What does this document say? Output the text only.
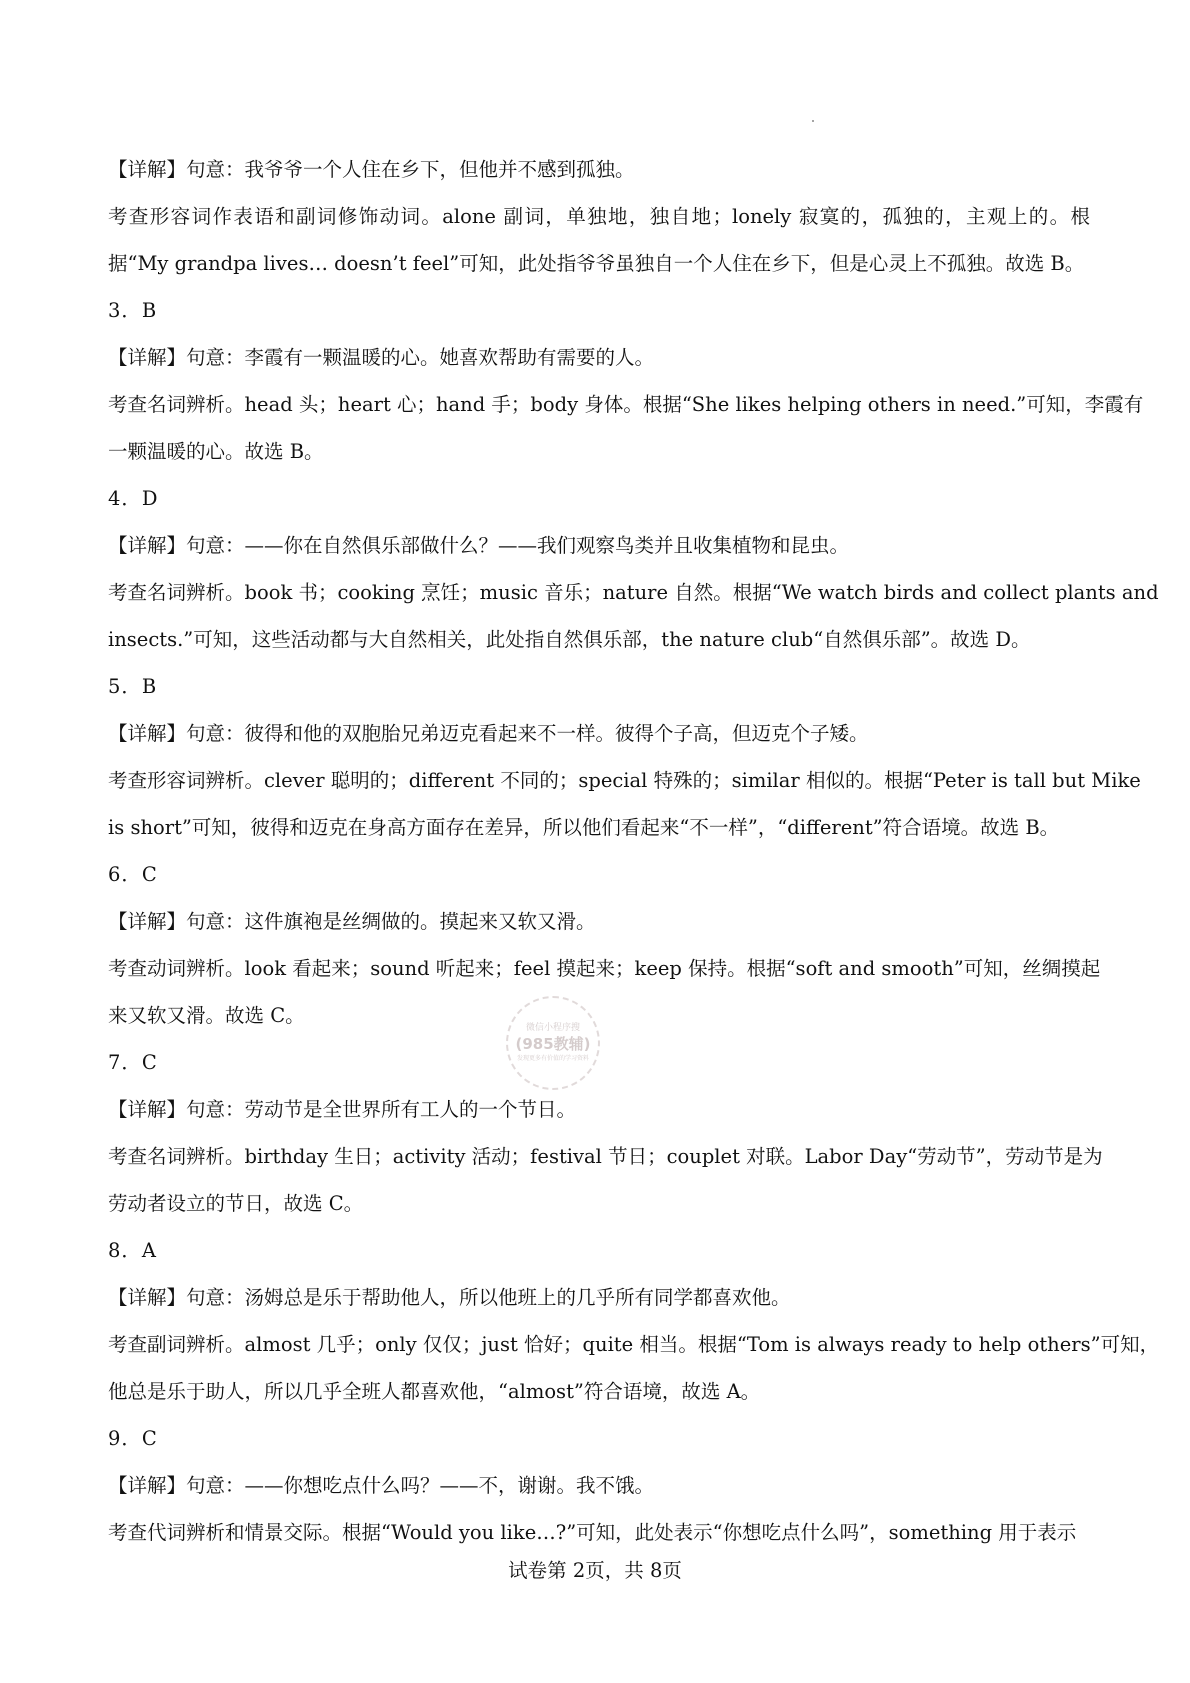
【详解】句意：我爷爷一个人住在乡下，但他并不感到孤独。
考查形容词作表语和副词修饰动词。alone 副词，单独地，独自地；lonely 寂寞的，孤独的，主观上的。根
据“My grandpa lives… doesn’t feel”可知，此处指爷爷虽独自一个人住在乡下，但是心灵上不孤独。故选 B。
3．B
【详解】句意：李霞有一颗温暖的心。她喜欢帮助有需要的人。
考查名词辨析。head 头；heart 心；hand 手；body 身体。根据“She likes helping others in need.”可知，李霞有
一颗温暖的心。故选 B。
4．D
【详解】句意：——你在自然俱乐部做什么？——我们观察鸟类并且收集植物和昆虫。
考查名词辨析。book 书；cooking 烹饪；music 音乐；nature 自然。根据“We watch birds and collect plants and
insects.”可知，这些活动都与大自然相关，此处指自然俱乐部，the nature club“自然俱乐部”。故选 D。
5．B
【详解】句意：彼得和他的双胞胎兄弟迈克看起来不一样。彼得个子高，但迈克个子矮。
考查形容词辨析。clever 聪明的；different 不同的；special 特殊的；similar 相似的。根据“Peter is tall but Mike
is short”可知，彼得和迈克在身高方面存在差异，所以他们看起来“不一样”，“different”符合语境。故选 B。
6．C
【详解】句意：这件旗袍是丝绸做的。摸起来又软又滑。
考查动词辨析。look 看起来；sound 听起来；feel 摸起来；keep 保持。根据“soft and smooth”可知，丝绸摸起
来又软又滑。故选 C。
7．C
【详解】句意：劳动节是全世界所有工人的一个节日。
考查名词辨析。birthday 生日；activity 活动；festival 节日；couplet 对联。Labor Day“劳动节”，劳动节是为
劳动者设立的节日，故选 C。
8．A
【详解】句意：汤姆总是乐于帮助他人，所以他班上的几乎所有同学都喜欢他。
考查副词辨析。almost 几乎；only 仅仅；just 恰好；quite 相当。根据“Tom is always ready to help others”可知，
他总是乐于助人，所以几乎全班人都喜欢他，“almost”符合语境，故选 A。
9．C
【详解】句意：——你想吃点什么吗？——不，谢谢。我不饿。
考查代词辨析和情景交际。根据“Would you like…?”可知，此处表示“你想吃点什么吗”，something 用于表示
微信小程序搜
(985教辅)
发现更多有价值的学习资料
试卷第 2页，共 8页
